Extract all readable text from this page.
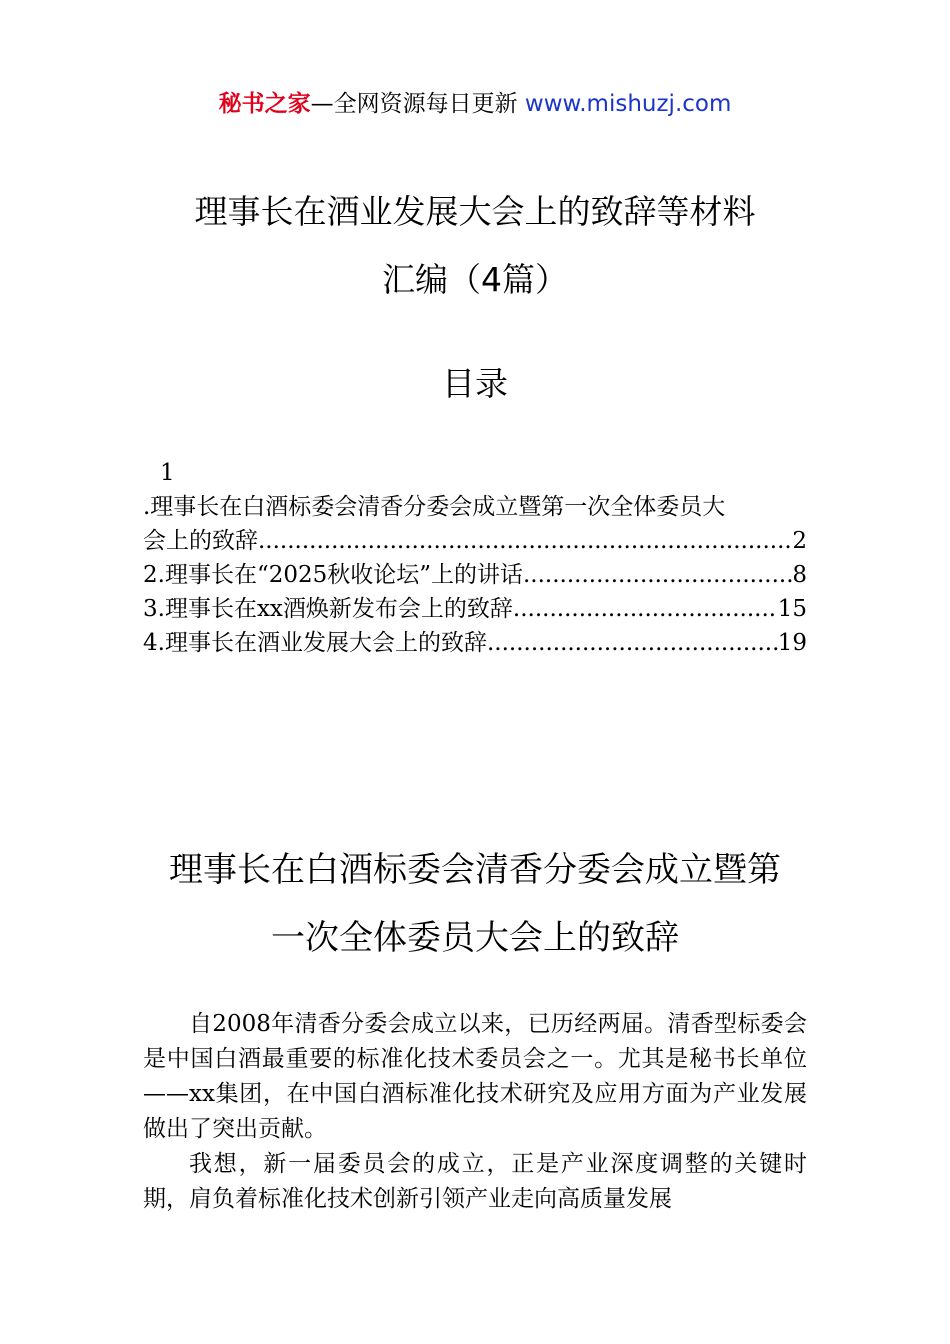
秘书之家—全网资源每日更新 www.mishuzj.com
理事长在酒业发展大会上的致辞等材料
汇编（4篇）
目录
1
.理事长在白酒标委会清香分委会成立暨第一次全体委员大
会上的致辞 .....	2
2.理事长在“2025秋收论坛”上的讲话 .....	8
3.理事长在xx酒焕新发布会上的致辞 .....	15
4.理事长在酒业发展大会上的致辞 .....	19
理事长在白酒标委会清香分委会成立暨第
一次全体委员大会上的致辞

自2008年清香分委会成立以来，已历经两届。清香型标委会是中国白酒最重要的标准化技术委员会之一。尤其是秘书长单位——xx集团，在中国白酒标准化技术研究及应用方面为产业发展做出了突出贡献。

我想，新一届委员会的成立，正是产业深度调整的关键时期，肩负着标准化技术创新引领产业走向高质量发展
